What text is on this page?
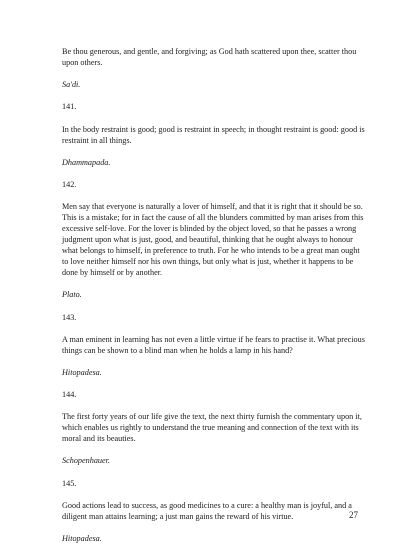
Be thou generous, and gentle, and forgiving; as God hath scattered upon thee, scatter thou upon others.

Sa'di.

141.

In the body restraint is good; good is restraint in speech; in thought restraint is good: good is restraint in all things.

Dhammapada.

142.

Men say that everyone is naturally a lover of himself, and that it is right that it should be so. This is a mistake; for in fact the cause of all the blunders committed by man arises from this excessive self-love. For the lover is blinded by the object loved, so that he passes a wrong judgment upon what is just, good, and beautiful, thinking that he ought always to honour what belongs to himself, in preference to truth. For he who intends to be a great man ought to love neither himself nor his own things, but only what is just, whether it happens to be done by himself or by another.

Plato.

143.

A man eminent in learning has not even a little virtue if he fears to practise it. What precious things can be shown to a blind man when he holds a lamp in his hand?

Hitopadesa.

144.

The first forty years of our life give the text, the next thirty furnish the commentary upon it, which enables us rightly to understand the true meaning and connection of the text with its moral and its beauties.

Schopenhauer.

145.

Good actions lead to success, as good medicines to a cure: a healthy man is joyful, and a diligent man attains learning; a just man gains the reward of his virtue.

Hitopadesa.

27
